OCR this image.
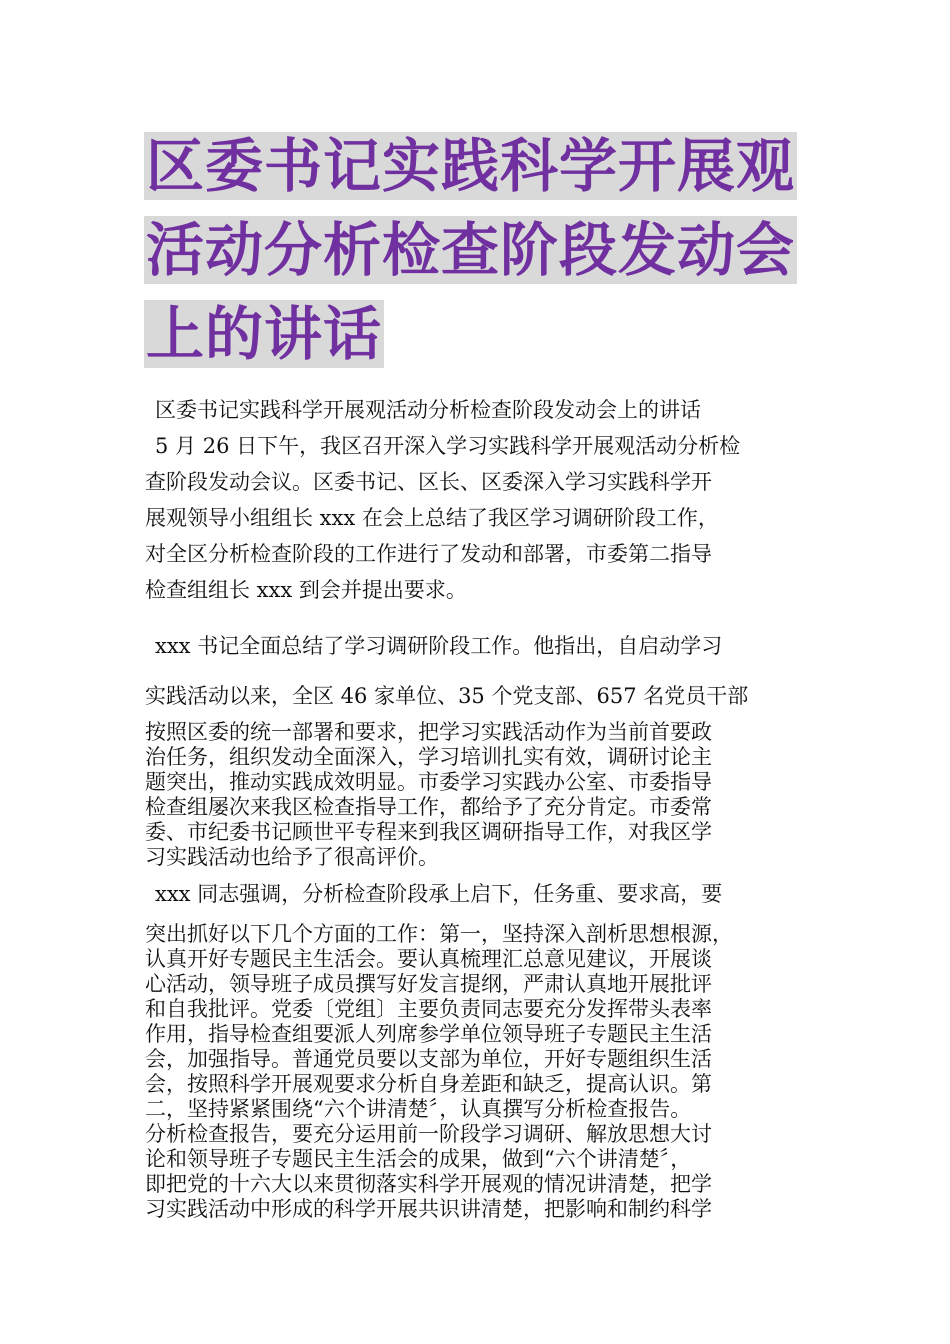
区委书记实践科学开展观 活动分析检查阶段发动会 上的讲话
区委书记实践科学开展观活动分析检查阶段发动会上的讲话
5 月 26 日下午，我区召开深入学习实践科学开展观活动分析检
查阶段发动会议。区委书记、区长、区委深入学习实践科学开
展观领导小组组长 xxx 在会上总结了我区学习调研阶段工作，
对全区分析检查阶段的工作进行了发动和部署，市委第二指导
检查组组长 xxx 到会并提出要求。
xxx 书记全面总结了学习调研阶段工作。他指出，自启动学习
实践活动以来，全区 46 家单位、35 个党支部、657 名党员干部
按照区委的统一部署和要求，把学习实践活动作为当前首要政
治任务，组织发动全面深入，学习培训扎实有效，调研讨论主
题突出，推动实践成效明显。市委学习实践办公室、市委指导
检查组屡次来我区检查指导工作，都给予了充分肯定。市委常
委、市纪委书记顾世平专程来到我区调研指导工作，对我区学
习实践活动也给予了很高评价。
xxx 同志强调，分析检查阶段承上启下，任务重、要求高，要
突出抓好以下几个方面的工作：第一，坚持深入剖析思想根源，
认真开好专题民主生活会。要认真梳理汇总意见建议，开展谈
心活动，领导班子成员撰写好发言提纲，严肃认真地开展批评
和自我批评。党委〔党组〕主要负责同志要充分发挥带头表率
作用，指导检查组要派人列席参学单位领导班子专题民主生活
会，加强指导。普通党员要以支部为单位，开好专题组织生活
会，按照科学开展观要求分析自身差距和缺乏，提高认识。第
二，坚持紧紧围绕“六个讲清楚〞，认真撰写分析检查报告。
分析检查报告，要充分运用前一阶段学习调研、解放思想大讨
论和领导班子专题民主生活会的成果，做到“六个讲清楚〞，
即把党的十六大以来贯彻落实科学开展观的情况讲清楚，把学
习实践活动中形成的科学开展共识讲清楚，把影响和制约科学
